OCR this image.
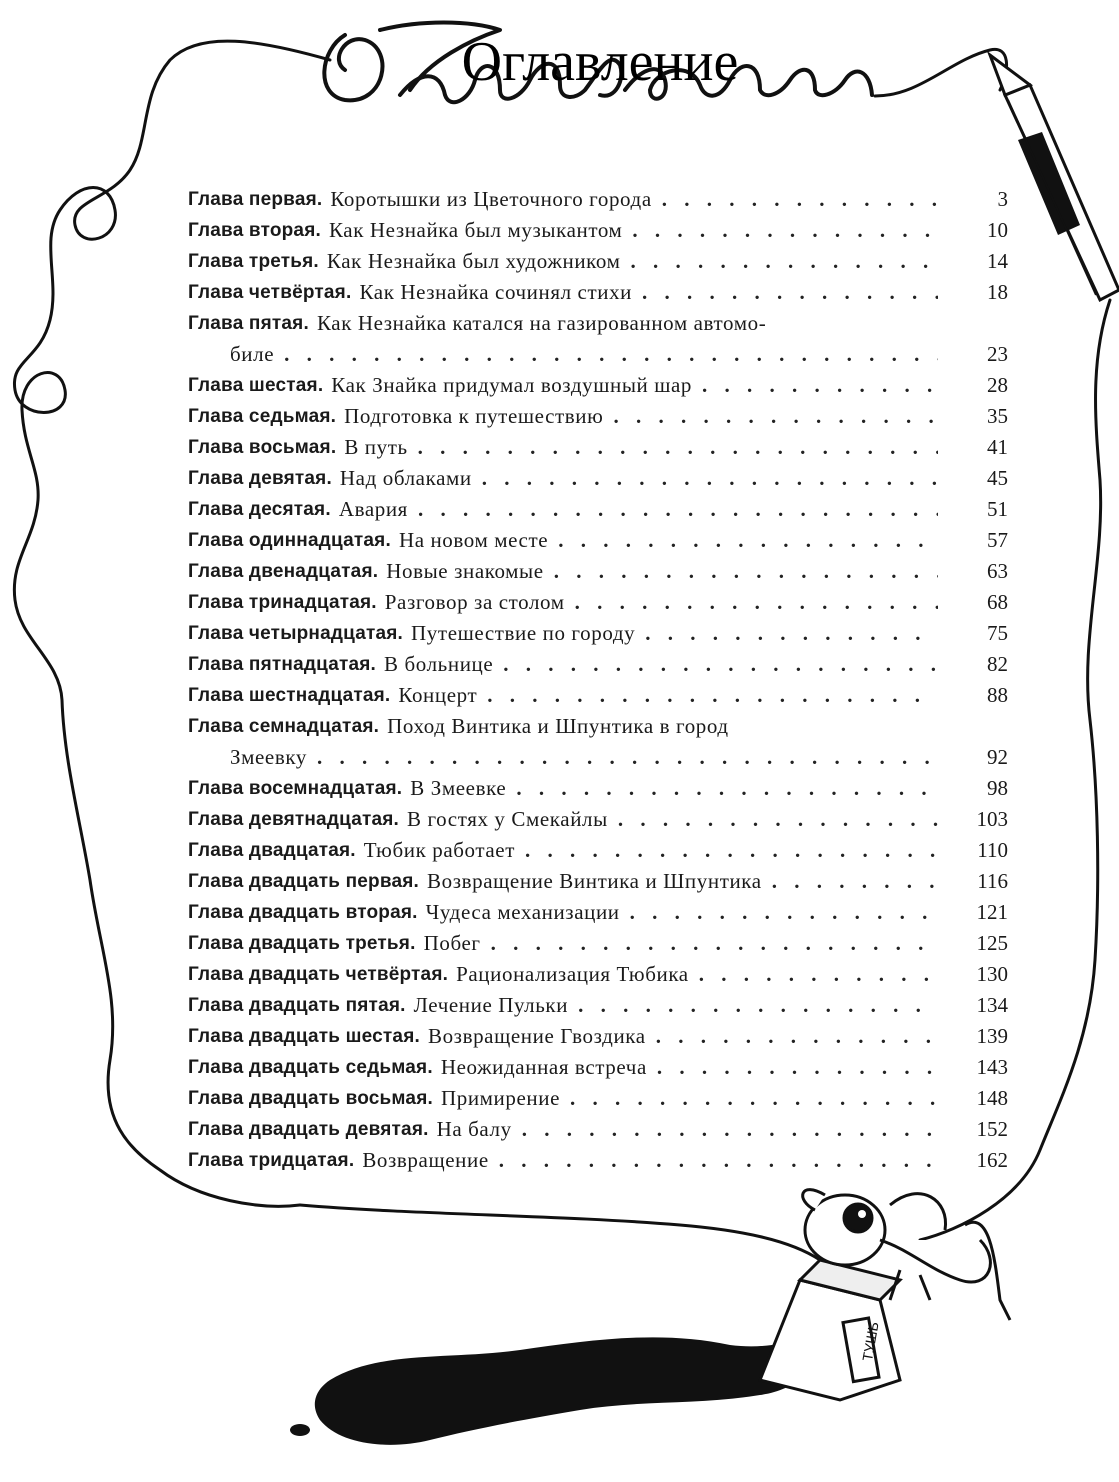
Оглавление
ТУШЬ
Глава первая. Коротышки из Цветочного города . . .	3
Глава вторая. Как Незнайка был музыкантом . . .	10
Глава третья. Как Незнайка был художником . . .	14
Глава четвёртая. Как Незнайка сочинял стихи . . .	18
Глава пятая. Как Незнайка катался на газированном автомо-
биле . . .	23
Глава шестая. Как Знайка придумал воздушный шар . . .	28
Глава седьмая. Подготовка к путешествию . . .	35
Глава восьмая. В путь . . .	41
Глава девятая. Над облаками . . .	45
Глава десятая. Авария . . .	51
Глава одиннадцатая. На новом месте . . .	57
Глава двенадцатая. Новые знакомые . . .	63
Глава тринадцатая. Разговор за столом . . .	68
Глава четырнадцатая. Путешествие по городу . . .	75
Глава пятнадцатая. В больнице . . .	82
Глава шестнадцатая. Концерт . . .	88
Глава семнадцатая. Поход Винтика и Шпунтика в город
Змеевку . . .	92
Глава восемнадцатая. В Змеевке . . .	98
Глава девятнадцатая. В гостях у Смекайлы . . .	103
Глава двадцатая. Тюбик работает . . .	110
Глава двадцать первая. Возвращение Винтика и Шпунтика . . .	116
Глава двадцать вторая. Чудеса механизации . . .	121
Глава двадцать третья. Побег . . .	125
Глава двадцать четвёртая. Рационализация Тюбика . . .	130
Глава двадцать пятая. Лечение Пульки . . .	134
Глава двадцать шестая. Возвращение Гвоздика . . .	139
Глава двадцать седьмая. Неожиданная встреча . . .	143
Глава двадцать восьмая. Примирение . . .	148
Глава двадцать девятая. На балу . . .	152
Глава тридцатая. Возвращение . . .	162
